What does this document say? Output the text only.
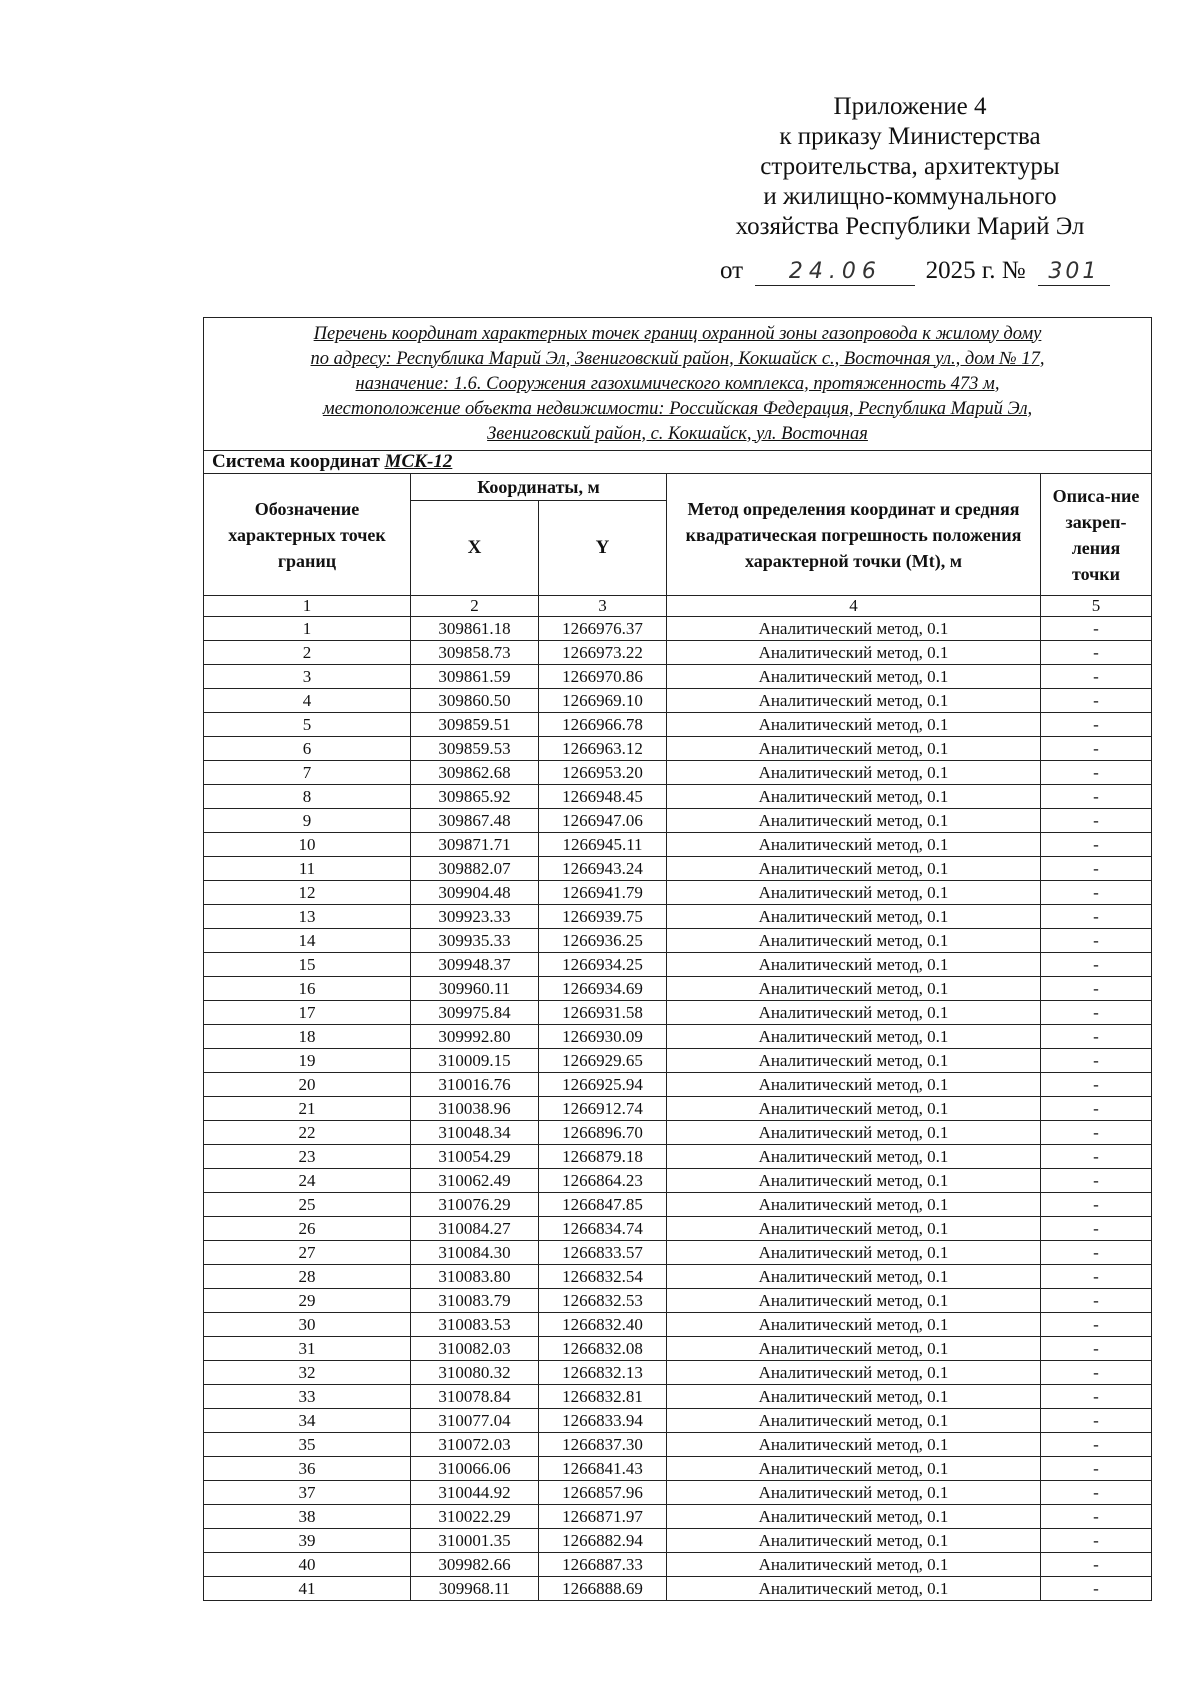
Приложение 4
к приказу Министерства
строительства, архитектуры
и жилищно-коммунального
хозяйства Республики Марий Эл
от 24.06 2025 г. № 301
Перечень координат характерных точек границ охранной зоны газопровода к жилому дому
по адресу: Республика Марий Эл, Звениговский район, Кокшайск с., Восточная ул., дом № 17,
назначение: 1.6. Сооружения газохимического комплекса, протяженность 473 м,
местоположение объекта недвижимости: Российская Федерация, Республика Марий Эл,
Звениговский район, с. Кокшайск, ул. Восточная				

Система координат МСК-12				
Обозначение характерных точек границ	Координаты, м		Метод определения координат и средняя квадратическая погрешность положения характерной точки (Mt), м	Описа-ние закреп-ления точки
	X	Y		
1	2	3	4	5
1	309861.18	1266976.37	Аналитический метод, 0.1	-
2	309858.73	1266973.22	Аналитический метод, 0.1	-
3	309861.59	1266970.86	Аналитический метод, 0.1	-
4	309860.50	1266969.10	Аналитический метод, 0.1	-
5	309859.51	1266966.78	Аналитический метод, 0.1	-
6	309859.53	1266963.12	Аналитический метод, 0.1	-
7	309862.68	1266953.20	Аналитический метод, 0.1	-
8	309865.92	1266948.45	Аналитический метод, 0.1	-
9	309867.48	1266947.06	Аналитический метод, 0.1	-
10	309871.71	1266945.11	Аналитический метод, 0.1	-
11	309882.07	1266943.24	Аналитический метод, 0.1	-
12	309904.48	1266941.79	Аналитический метод, 0.1	-
13	309923.33	1266939.75	Аналитический метод, 0.1	-
14	309935.33	1266936.25	Аналитический метод, 0.1	-
15	309948.37	1266934.25	Аналитический метод, 0.1	-
16	309960.11	1266934.69	Аналитический метод, 0.1	-
17	309975.84	1266931.58	Аналитический метод, 0.1	-
18	309992.80	1266930.09	Аналитический метод, 0.1	-
19	310009.15	1266929.65	Аналитический метод, 0.1	-
20	310016.76	1266925.94	Аналитический метод, 0.1	-
21	310038.96	1266912.74	Аналитический метод, 0.1	-
22	310048.34	1266896.70	Аналитический метод, 0.1	-
23	310054.29	1266879.18	Аналитический метод, 0.1	-
24	310062.49	1266864.23	Аналитический метод, 0.1	-
25	310076.29	1266847.85	Аналитический метод, 0.1	-
26	310084.27	1266834.74	Аналитический метод, 0.1	-
27	310084.30	1266833.57	Аналитический метод, 0.1	-
28	310083.80	1266832.54	Аналитический метод, 0.1	-
29	310083.79	1266832.53	Аналитический метод, 0.1	-
30	310083.53	1266832.40	Аналитический метод, 0.1	-
31	310082.03	1266832.08	Аналитический метод, 0.1	-
32	310080.32	1266832.13	Аналитический метод, 0.1	-
33	310078.84	1266832.81	Аналитический метод, 0.1	-
34	310077.04	1266833.94	Аналитический метод, 0.1	-
35	310072.03	1266837.30	Аналитический метод, 0.1	-
36	310066.06	1266841.43	Аналитический метод, 0.1	-
37	310044.92	1266857.96	Аналитический метод, 0.1	-
38	310022.29	1266871.97	Аналитический метод, 0.1	-
39	310001.35	1266882.94	Аналитический метод, 0.1	-
40	309982.66	1266887.33	Аналитический метод, 0.1	-
41	309968.11	1266888.69	Аналитический метод, 0.1	-
